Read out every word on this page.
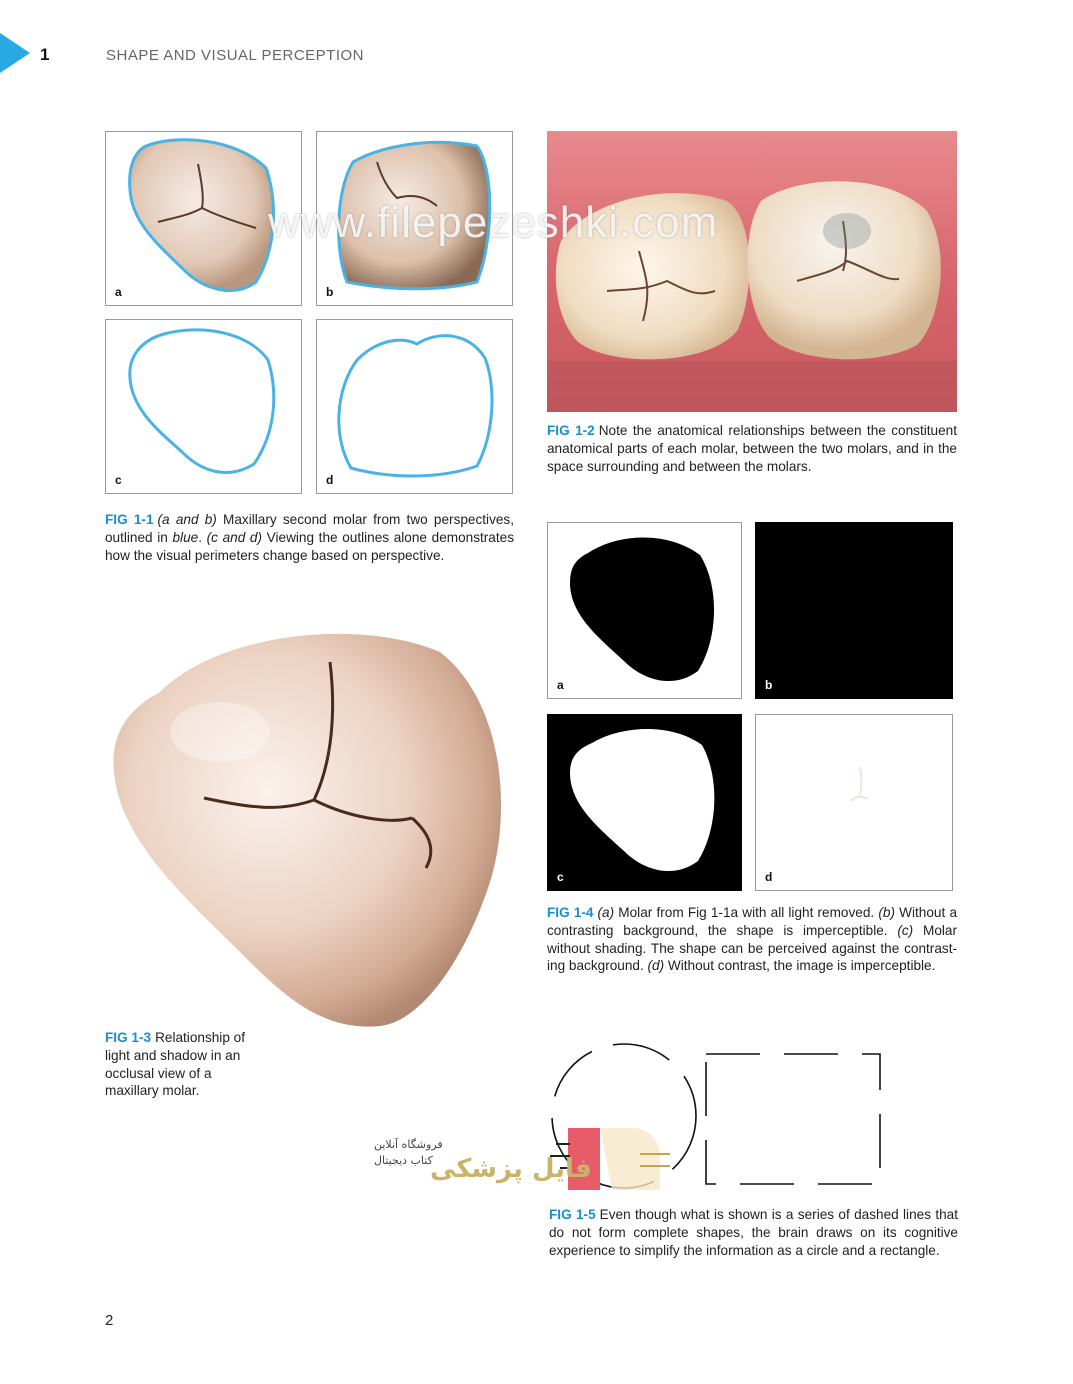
1	SHAPE AND VISUAL PERCEPTION
a	b
c	d
FIG 1-1 (a and b) Maxillary second molar from two perspectives, outlined in blue. (c and d) Viewing the outlines alone demonstrates how the visual perimeters change based on perspective.
www.filepezeshki.com
FIG 1-2 Note the anatomical relationships between the constituent anatomical parts of each molar, between the two molars, and in the space surrounding and between the molars.
a	b
c	d
FIG 1-4 (a) Molar from Fig 1-1a with all light removed. (b) Without a contrasting background, the shape is imperceptible. (c) Molar without shading. The shape can be perceived against the contrast- ing background. (d) Without contrast, the image is imperceptible.
FIG 1-3 Relationship of light and shadow in an occlusal view of a maxillary molar.
فروشگاه آنلاین
کتاب دیجیتال
فایل پزشکی
FIG 1-5 Even though what is shown is a series of dashed lines that do not form complete shapes, the brain draws on its cognitive experience to simplify the information as a circle and a rectangle.
2
